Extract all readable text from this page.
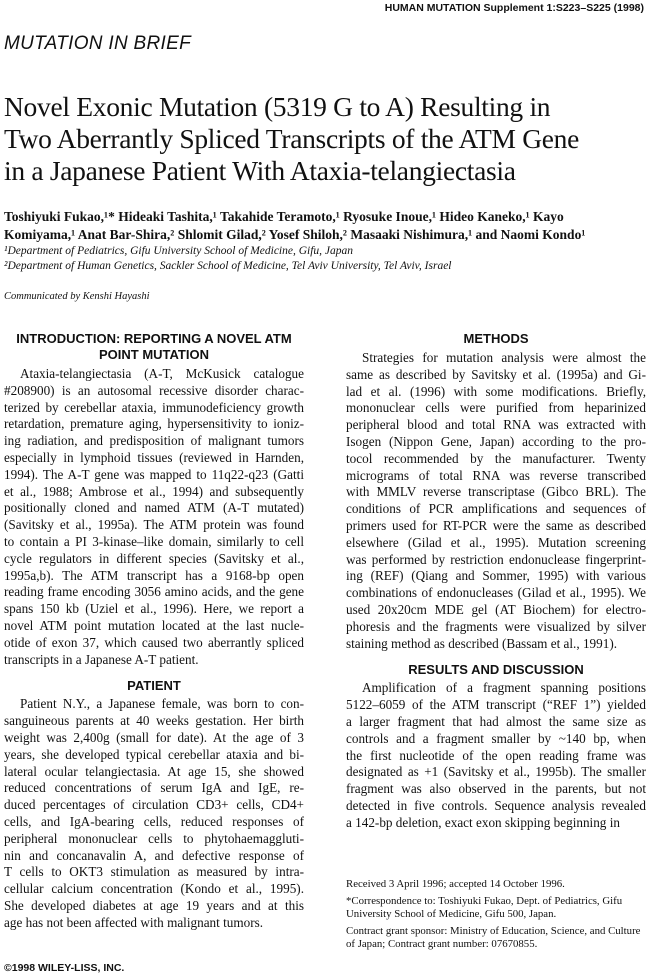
HUMAN MUTATION Supplement 1:S223–S225 (1998)
MUTATION IN BRIEF
Novel Exonic Mutation (5319 G to A) Resulting in
Two Aberrantly Spliced Transcripts of the ATM Gene
in a Japanese Patient With Ataxia-telangiectasia
Toshiyuki Fukao,¹* Hideaki Tashita,¹ Takahide Teramoto,¹ Ryosuke Inoue,¹ Hideo Kaneko,¹ Kayo
Komiyama,¹ Anat Bar-Shira,² Shlomit Gilad,² Yosef Shiloh,² Masaaki Nishimura,¹ and Naomi Kondo¹
¹Department of Pediatrics, Gifu University School of Medicine, Gifu, Japan
²Department of Human Genetics, Sackler School of Medicine, Tel Aviv University, Tel Aviv, Israel
Communicated by Kenshi Hayashi
INTRODUCTION: REPORTING A NOVEL ATM
POINT MUTATION
Ataxia-telangiectasia (A-T, McKusick catalogue
#208900) is an autosomal recessive disorder charac-
terized by cerebellar ataxia, immunodeficiency growth
retardation, premature aging, hypersensitivity to ioniz-
ing radiation, and predisposition of malignant tumors
especially in lymphoid tissues (reviewed in Harnden,
1994). The A-T gene was mapped to 11q22-q23 (Gatti
et al., 1988; Ambrose et al., 1994) and subsequently
positionally cloned and named ATM (A-T mutated)
(Savitsky et al., 1995a). The ATM protein was found
to contain a PI 3-kinase–like domain, similarly to cell
cycle regulators in different species (Savitsky et al.,
1995a,b). The ATM transcript has a 9168-bp open
reading frame encoding 3056 amino acids, and the gene
spans 150 kb (Uziel et al., 1996). Here, we report a
novel ATM point mutation located at the last nucle-
otide of exon 37, which caused two aberrantly spliced
transcripts in a Japanese A-T patient.
PATIENT
Patient N.Y., a Japanese female, was born to con-
sanguineous parents at 40 weeks gestation. Her birth
weight was 2,400g (small for date). At the age of 3
years, she developed typical cerebellar ataxia and bi-
lateral ocular telangiectasia. At age 15, she showed
reduced concentrations of serum IgA and IgE, re-
duced percentages of circulation CD3+ cells, CD4+
cells, and IgA-bearing cells, reduced responses of
peripheral mononuclear cells to phytohaemaggluti-
nin and concanavalin A, and defective response of
T cells to OKT3 stimulation as measured by intra-
cellular calcium concentration (Kondo et al., 1995).
She developed diabetes at age 19 years and at this
age has not been affected with malignant tumors.
METHODS
Strategies for mutation analysis were almost the
same as described by Savitsky et al. (1995a) and Gi-
lad et al. (1996) with some modifications. Briefly,
mononuclear cells were purified from heparinized
peripheral blood and total RNA was extracted with
Isogen (Nippon Gene, Japan) according to the pro-
tocol recommended by the manufacturer. Twenty
micrograms of total RNA was reverse transcribed
with MMLV reverse transcriptase (Gibco BRL). The
conditions of PCR amplifications and sequences of
primers used for RT-PCR were the same as described
elsewhere (Gilad et al., 1995). Mutation screening
was performed by restriction endonuclease fingerprint-
ing (REF) (Qiang and Sommer, 1995) with various
combinations of endonucleases (Gilad et al., 1995). We
used 20x20cm MDE gel (AT Biochem) for electro-
phoresis and the fragments were visualized by silver
staining method as described (Bassam et al., 1991).
RESULTS AND DISCUSSION
Amplification of a fragment spanning positions
5122–6059 of the ATM transcript (“REF 1”) yielded
a larger fragment that had almost the same size as
controls and a fragment smaller by ~140 bp, when
the first nucleotide of the open reading frame was
designated as +1 (Savitsky et al., 1995b). The smaller
fragment was also observed in the parents, but not
detected in five controls. Sequence analysis revealed
a 142-bp deletion, exact exon skipping beginning in
Received 3 April 1996; accepted 14 October 1996.
*Correspondence to: Toshiyuki Fukao, Dept. of Pediatrics, Gifu University School of Medicine, Gifu 500, Japan.
Contract grant sponsor: Ministry of Education, Science, and Culture of Japan; Contract grant number: 07670855.
©1998 WILEY-LISS, INC.
